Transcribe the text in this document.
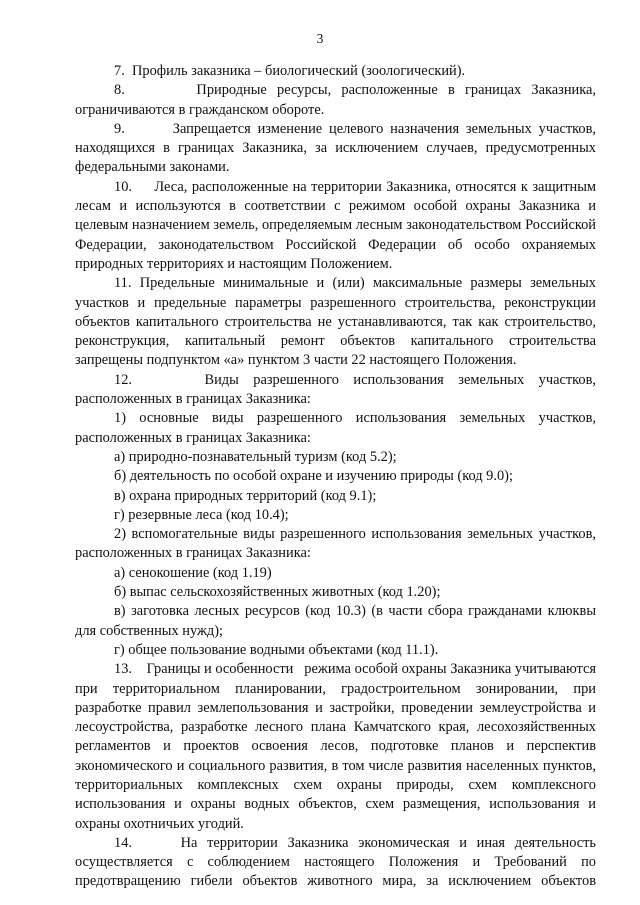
3

7.  Профиль заказника – биологический (зоологический).

8.       Природные ресурсы, расположенные в границах Заказника, ограничиваются в гражданском обороте.

9.       Запрещается изменение целевого назначения земельных участков, находящихся в границах Заказника, за исключением случаев, предусмотренных федеральными законами.

10.     Леса, расположенные на территории Заказника, относятся к защитным лесам и используются в соответствии с режимом особой охраны Заказника и целевым назначением земель, определяемым лесным законодательством Российской Федерации, законодательством Российской Федерации об особо охраняемых природных территориях и настоящим Положением.

11. Предельные минимальные и (или) максимальные размеры земельных участков и предельные параметры разрешенного строительства, реконструкции объектов капитального строительства не устанавливаются, так как строительство, реконструкция, капитальный ремонт объектов капитального строительства запрещены подпунктом «а» пунктом 3 части 22 настоящего Положения.

12.     Виды разрешенного использования земельных участков, расположенных в границах Заказника:

1) основные виды разрешенного использования земельных участков, расположенных в границах Заказника:

а) природно-познавательный туризм (код 5.2);

б) деятельность по особой охране и изучению природы (код 9.0);

в) охрана природных территорий (код 9.1);

г) резервные леса (код 10.4);

2) вспомогательные виды разрешенного использования земельных участков, расположенных в границах Заказника:

а) сенокошение (код 1.19)

б) выпас сельскохозяйственных животных (код 1.20);

в) заготовка лесных ресурсов (код 10.3) (в части сбора гражданами клюквы для собственных нужд);

г) общее пользование водными объектами (код 11.1).

13.    Границы и особенности   режима особой охраны Заказника учитываются при территориальном планировании, градостроительном зонировании, при разработке правил землепользования и застройки, проведении землеустройства и лесоустройства, разработке лесного плана Камчатского края, лесохозяйственных регламентов и проектов освоения лесов, подготовке планов и перспектив экономического и социального развития, в том числе развития населенных пунктов, территориальных комплексных схем охраны природы, схем комплексного использования и охраны водных объектов, схем размещения, использования и охраны охотничьих угодий.

14.     На территории Заказника экономическая и иная деятельность осуществляется с соблюдением настоящего Положения и Требований по предотвращению гибели объектов животного мира, за исключением объектов
